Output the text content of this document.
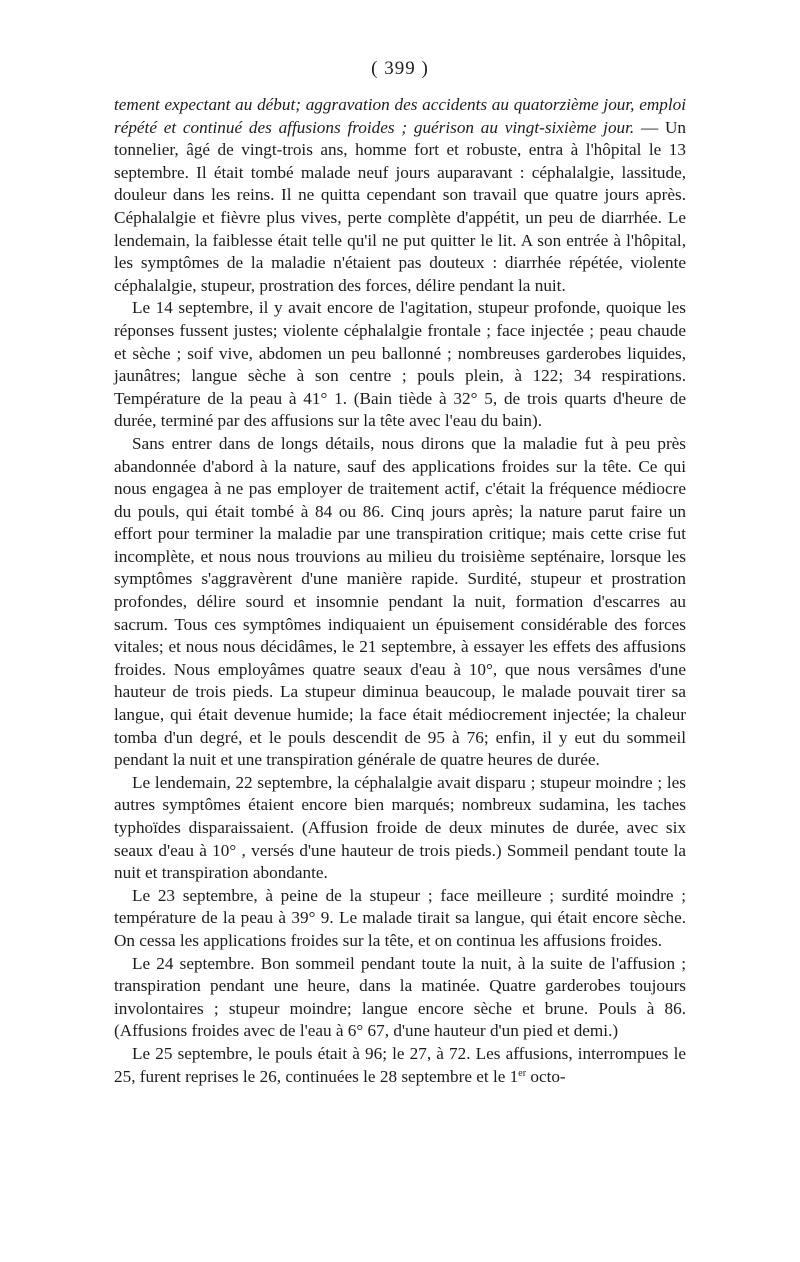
( 399 )

tement expectant au début; aggravation des accidents au quatorzième jour, emploi répété et continué des affusions froides ; guérison au vingt-sixième jour. — Un tonnelier, âgé de vingt-trois ans, homme fort et robuste, entra à l'hôpital le 13 septembre. Il était tombé malade neuf jours auparavant : céphalalgie, lassitude, douleur dans les reins. Il ne quitta cependant son travail que quatre jours après. Céphalalgie et fièvre plus vives, perte complète d'appétit, un peu de diarrhée. Le lendemain, la faiblesse était telle qu'il ne put quitter le lit. A son entrée à l'hôpital, les symptômes de la maladie n'étaient pas douteux : diarrhée répétée, violente céphalalgie, stupeur, prostration des forces, délire pendant la nuit.

Le 14 septembre, il y avait encore de l'agitation, stupeur profonde, quoique les réponses fussent justes; violente céphalalgie frontale ; face injectée ; peau chaude et sèche ; soif vive, abdomen un peu ballonné ; nombreuses garderobes liquides, jaunâtres; langue sèche à son centre ; pouls plein, à 122; 34 respirations. Température de la peau à 41° 1. (Bain tiède à 32° 5, de trois quarts d'heure de durée, terminé par des affusions sur la tête avec l'eau du bain).

Sans entrer dans de longs détails, nous dirons que la maladie fut à peu près abandonnée d'abord à la nature, sauf des applications froides sur la tête. Ce qui nous engagea à ne pas employer de traitement actif, c'était la fréquence médiocre du pouls, qui était tombé à 84 ou 86. Cinq jours après; la nature parut faire un effort pour terminer la maladie par une transpiration critique; mais cette crise fut incomplète, et nous nous trouvions au milieu du troisième septénaire, lorsque les symptômes s'aggravèrent d'une manière rapide. Surdité, stupeur et prostration profondes, délire sourd et insomnie pendant la nuit, formation d'escarres au sacrum. Tous ces symptômes indiquaient un épuisement considérable des forces vitales; et nous nous décidâmes, le 21 septembre, à essayer les effets des affusions froides. Nous employâmes quatre seaux d'eau à 10°, que nous versâmes d'une hauteur de trois pieds. La stupeur diminua beaucoup, le malade pouvait tirer sa langue, qui était devenue humide; la face était médiocrement injectée; la chaleur tomba d'un degré, et le pouls descendit de 95 à 76; enfin, il y eut du sommeil pendant la nuit et une transpiration générale de quatre heures de durée.

Le lendemain, 22 septembre, la céphalalgie avait disparu ; stupeur moindre ; les autres symptômes étaient encore bien marqués; nombreux sudamina, les taches typhoïdes disparaissaient. (Affusion froide de deux minutes de durée, avec six seaux d'eau à 10° , versés d'une hauteur de trois pieds.) Sommeil pendant toute la nuit et transpiration abondante.

Le 23 septembre, à peine de la stupeur ; face meilleure ; surdité moindre ; température de la peau à 39° 9. Le malade tirait sa langue, qui était encore sèche. On cessa les applications froides sur la tête, et on continua les affusions froides.

Le 24 septembre. Bon sommeil pendant toute la nuit, à la suite de l'affusion ; transpiration pendant une heure, dans la matinée. Quatre garderobes toujours involontaires ; stupeur moindre; langue encore sèche et brune. Pouls à 86. (Affusions froides avec de l'eau à 6° 67, d'une hauteur d'un pied et demi.)

Le 25 septembre, le pouls était à 96; le 27, à 72. Les affusions, interrompues le 25, furent reprises le 26, continuées le 28 septembre et le 1er octo-
